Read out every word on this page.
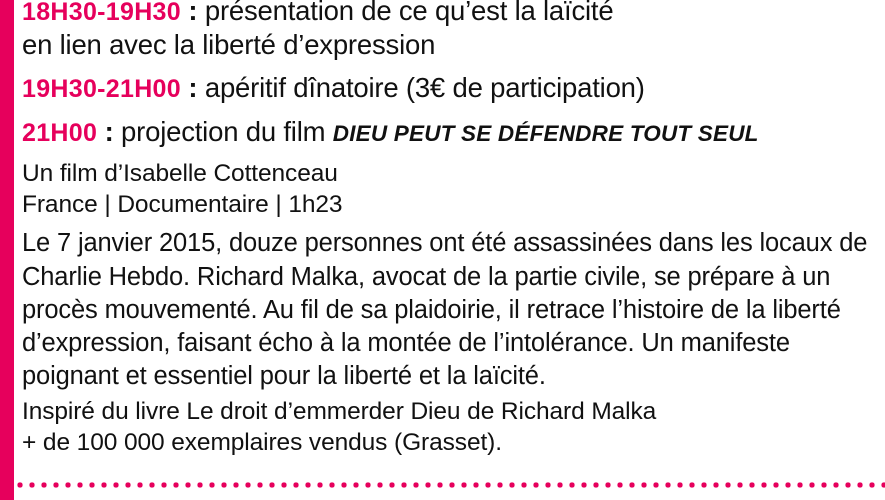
18H30-19H30 : présentation de ce qu’est la laïcité
en lien avec la liberté d’expression
19H30-21H00 : apéritif dînatoire (3€ de participation)
21H00 : projection du film DIEU PEUT SE DÉFENDRE TOUT SEUL
Un film d’Isabelle Cottenceau
France | Documentaire | 1h23
Le 7 janvier 2015, douze personnes ont été assassinées dans les locaux de Charlie Hebdo. Richard Malka, avocat de la partie civile, se prépare à un procès mouvementé. Au fil de sa plaidoirie, il retrace l’histoire de la liberté d’expression, faisant écho à la montée de l’intolérance. Un manifeste poignant et essentiel pour la liberté et la laïcité.
Inspiré du livre Le droit d’emmerder Dieu de Richard Malka
+ de 100 000 exemplaires vendus (Grasset).
